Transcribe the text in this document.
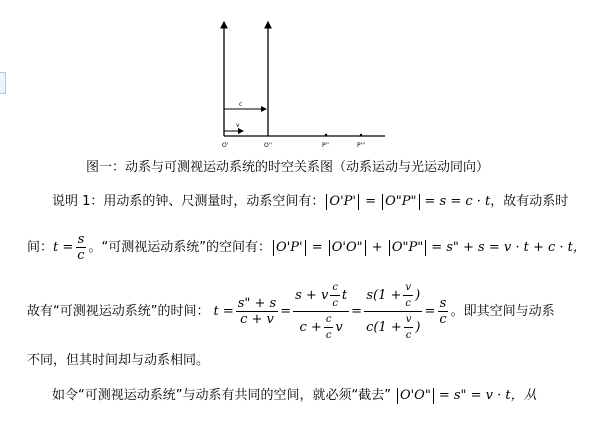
c
v
O'	O''	P''	P'''
图一：动系与可测视运动系统的时空关系图（动系运动与光运动同向）
说明 1：用动系的钟、尺测量时，动系空间有： O'P' = O"P" = s = c · t ，故有动系时
间： $t = \frac{s}{c}$ 。“可测视运动系统”的空间有： O'P' = O'O" + O"P" = s" + s = v · t + c · t，
故有“可测视运动系统”的时间： $t = \frac{s" + s}{c + v} = \frac{s + v \frac{c}{c} t}{c + \frac{c}{c} v} = \frac{s(1 + \frac{v}{c} )}{c(1 + \frac{v}{c} )} = \frac{s}{c}$ 。即其空间与动系
不同，但其时间却与动系相同。
如令“可测视运动系统”与动系有共同的空间，就必须“截去” O'O" = s" = v · t，从
